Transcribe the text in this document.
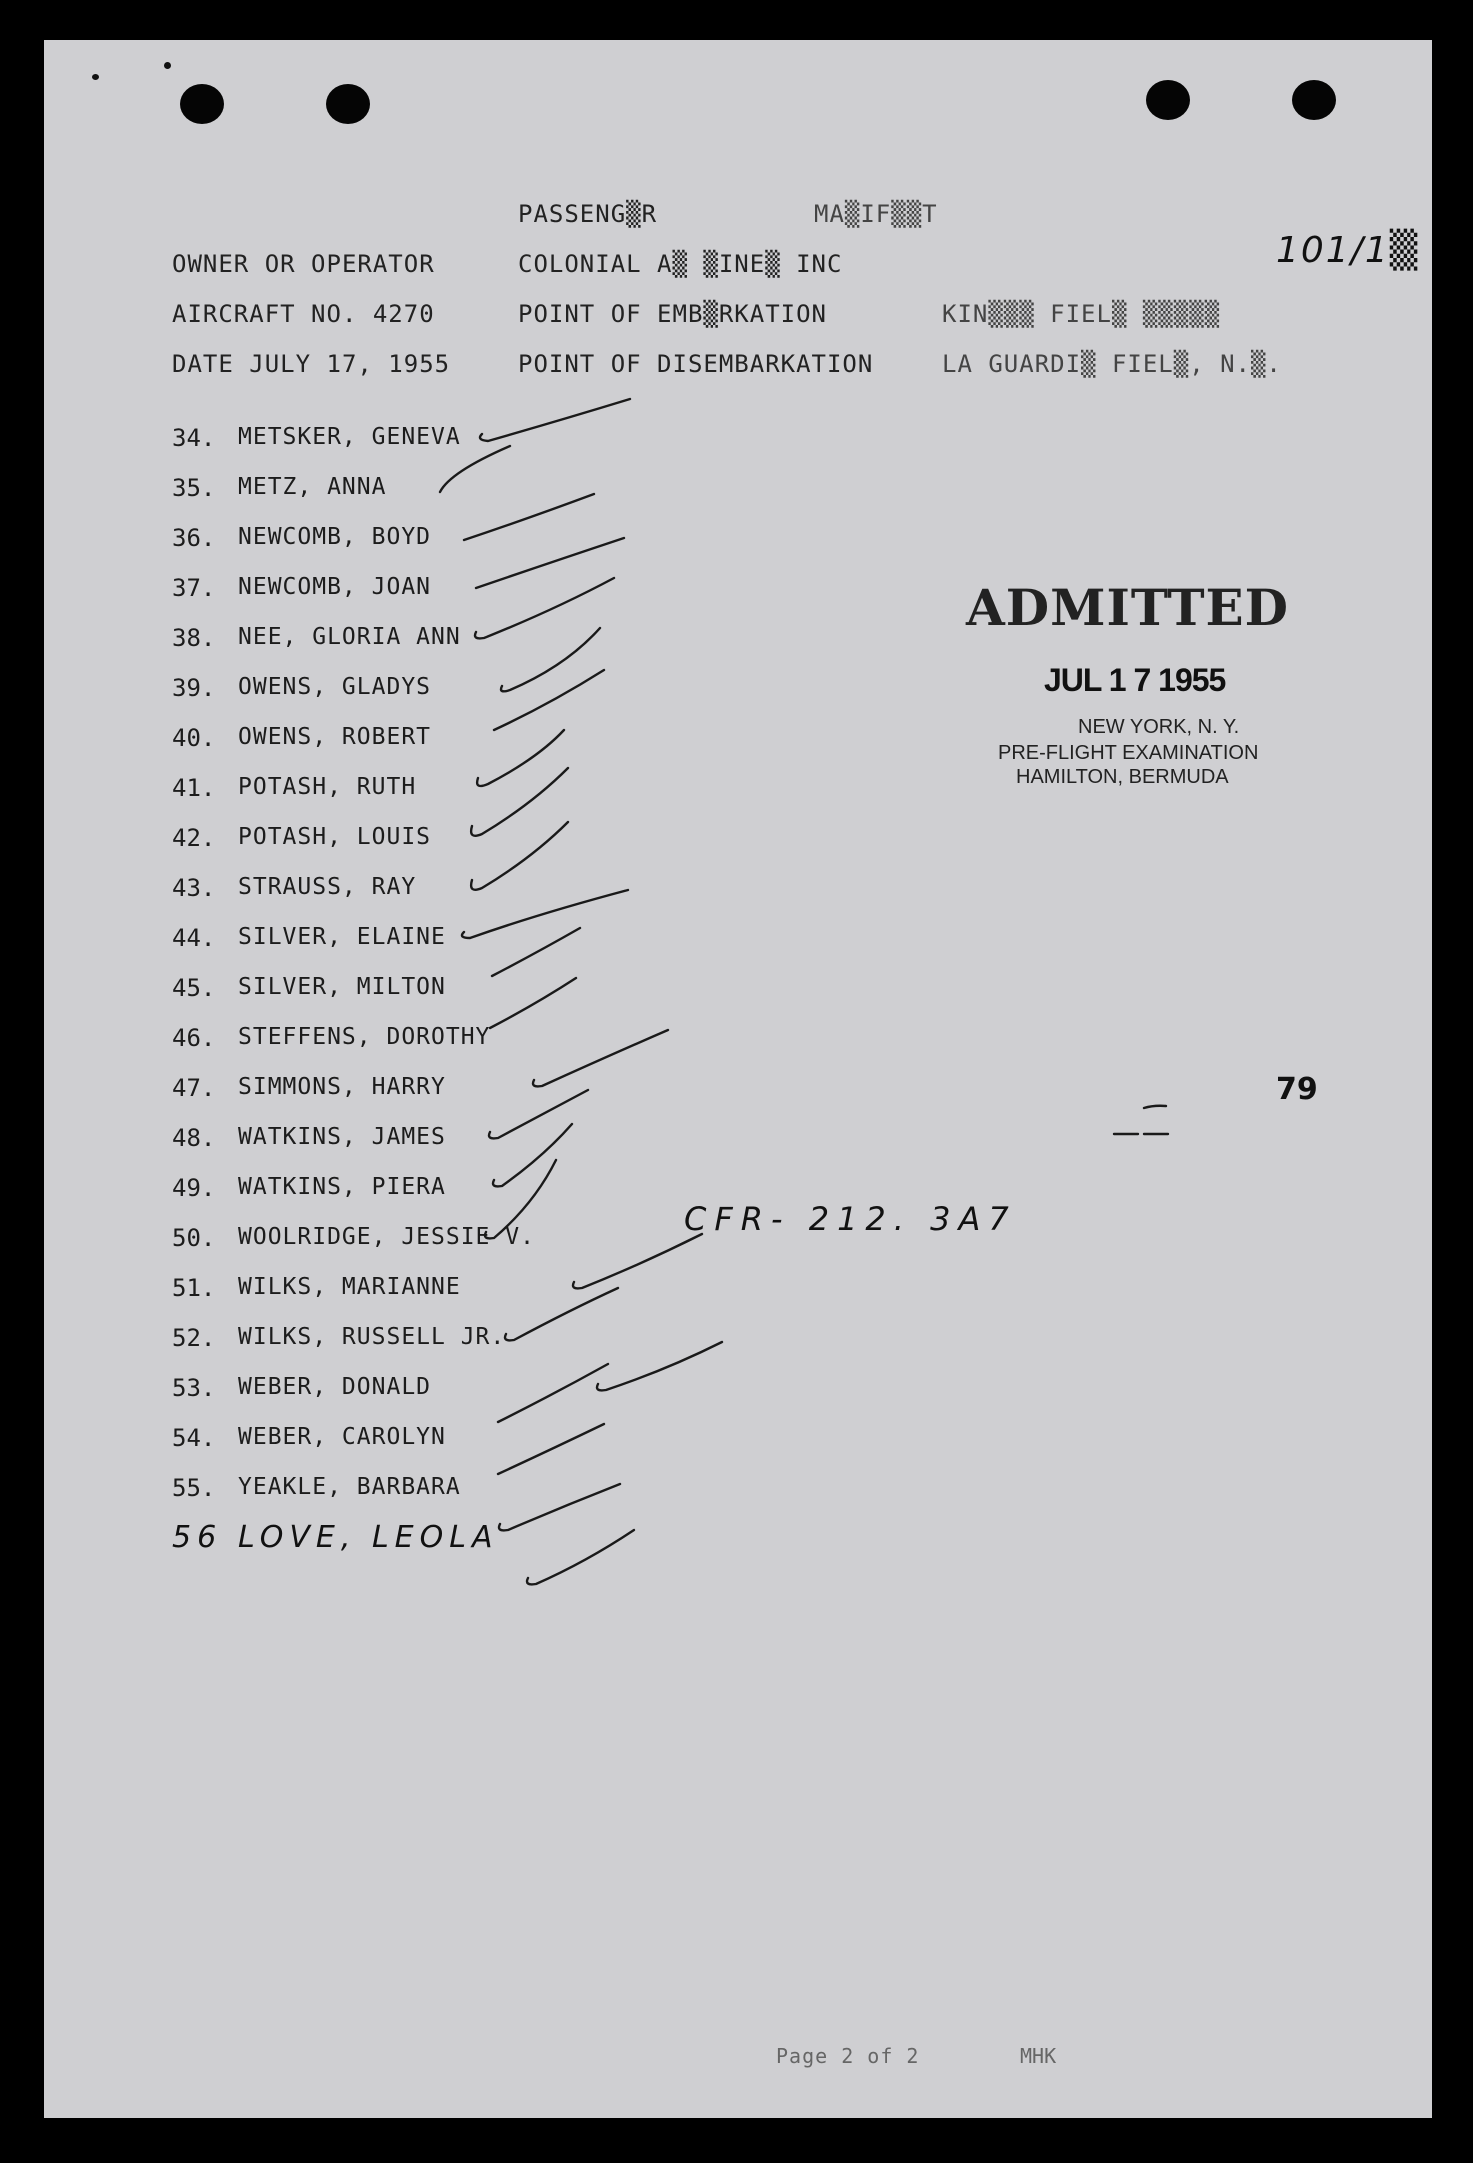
PASSENG▒R	MA▒IF▒▒T
OWNER OR OPERATOR	COLONIAL A▒ ▒INE▒ INC	101/1▒
AIRCRAFT NO. 4270	POINT OF EMB▒RKATION	KIN▒▒▒ FIEL▒ ▒▒▒▒▒
DATE JULY 17, 1955	POINT OF DISEMBARKATION	LA GUARDI▒ FIEL▒, N.▒.
34. METSKER, GENEVA
35. METZ, ANNA
36. NEWCOMB, BOYD
37. NEWCOMB, JOAN
38. NEE, GLORIA ANN
39. OWENS, GLADYS
40. OWENS, ROBERT
41. POTASH, RUTH
42. POTASH, LOUIS
43. STRAUSS, RAY
44. SILVER, ELAINE
45. SILVER, MILTON
46. STEFFENS, DOROTHY
47. SIMMONS, HARRY
48. WATKINS, JAMES
49. WATKINS, PIERA
50. WOOLRIDGE, JESSIE V.
51. WILKS, MARIANNE
52. WILKS, RUSSELL JR.
53. WEBER, DONALD
54. WEBER, CAROLYN
55. YEAKLE, BARBARA
56 LOVE, LEOLA
ADMITTED
JUL 1 7 1955
NEW YORK, N. Y.
PRE-FLIGHT EXAMINATION
HAMILTON, BERMUDA
79
CFR- 212. 3A7
Page 2 of 2	MHK
